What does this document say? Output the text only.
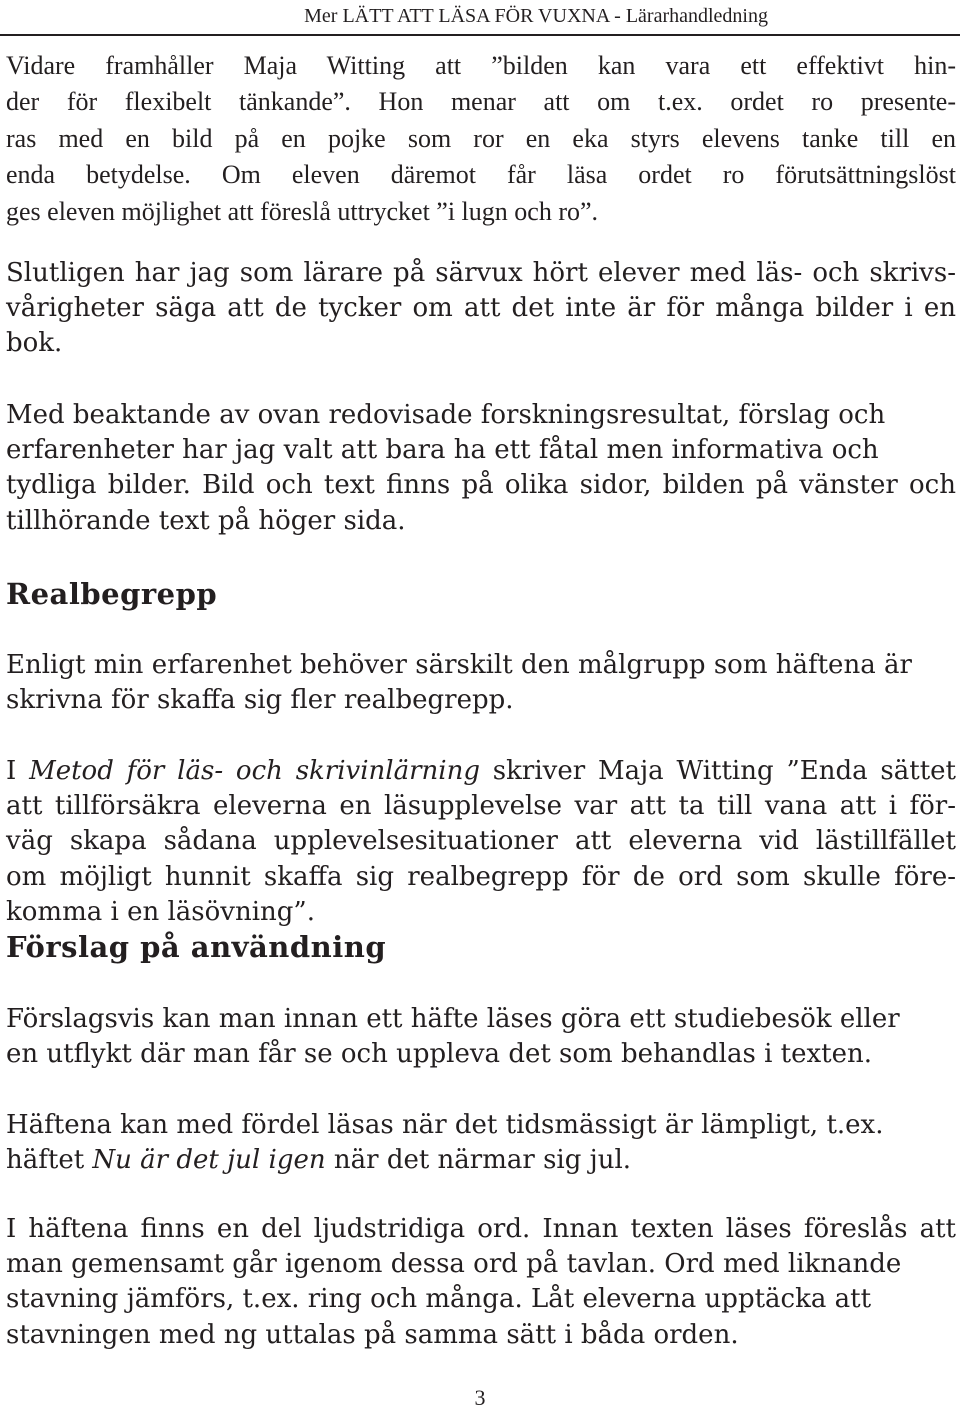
Mer LÄTT ATT LÄSA FÖR VUXNA - Lärarhandledning

Vidare framhåller Maja Witting att ”bilden kan vara ett effektivt hin-
der för flexibelt tänkande”. Hon menar att om t.ex. ordet ro presente-
ras med en bild på en pojke som ror en eka styrs elevens tanke till en
enda betydelse. Om eleven däremot får läsa ordet ro förutsättningslöst
ges eleven möjlighet att föreslå uttrycket ”i lugn och ro”.

Slutligen har jag som lärare på särvux hört elever med läs- och skrivs-
vårigheter säga att de tycker om att det inte är för många bilder i en
bok.

Med beaktande av ovan redovisade forskningsresultat, förslag och
erfarenheter har jag valt att bara ha ett fåtal men informativa och
tydliga bilder. Bild och text finns på olika sidor, bilden på vänster och
tillhörande text på höger sida.

Realbegrepp

Enligt min erfarenhet behöver särskilt den målgrupp som häftena är
skrivna för skaffa sig fler realbegrepp.

I Metod för läs- och skrivinlärning skriver Maja Witting ”Enda sättet
att tillförsäkra eleverna en läsupplevelse var att ta till vana att i för-
väg skapa sådana upplevelsesituationer att eleverna vid lästillfället
om möjligt hunnit skaffa sig realbegrepp för de ord som skulle före-
komma i en läsövning”.

Förslag på användning

Förslagsvis kan man innan ett häfte läses göra ett studiebesök eller
en utflykt där man får se och uppleva det som behandlas i texten.

Häftena kan med fördel läsas när det tidsmässigt är lämpligt, t.ex.
häftet Nu är det jul igen när det närmar sig jul.

I häftena finns en del ljudstridiga ord. Innan texten läses föreslås att
man gemensamt går igenom dessa ord på tavlan. Ord med liknande
stavning jämförs, t.ex. ring och många. Låt eleverna upptäcka att
stavningen med ng uttalas på samma sätt i båda orden.

3
